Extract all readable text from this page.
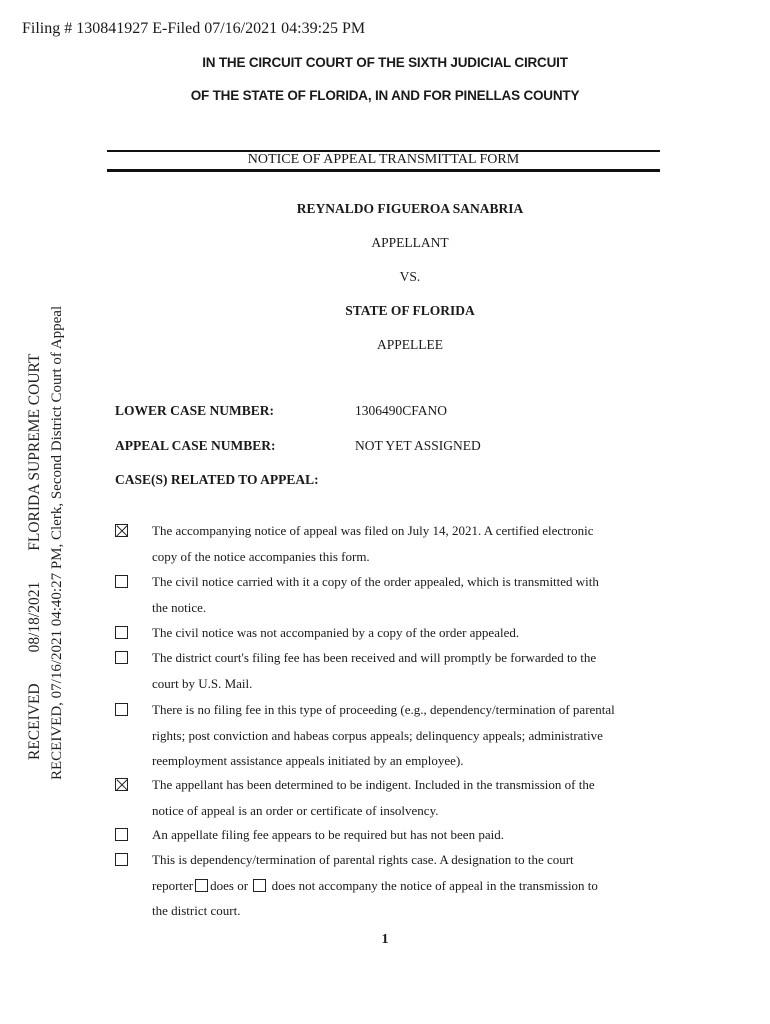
Filing # 130841927 E-Filed 07/16/2021 04:39:25 PM
IN THE CIRCUIT COURT OF THE SIXTH JUDICIAL CIRCUIT
OF THE STATE OF FLORIDA, IN AND FOR PINELLAS COUNTY
NOTICE OF APPEAL TRANSMITTAL FORM
REYNALDO FIGUEROA SANABRIA
APPELLANT
VS.
STATE OF FLORIDA
APPELLEE
LOWER CASE NUMBER:	1306490CFANO
APPEAL CASE NUMBER:	NOT YET ASSIGNED
CASE(S) RELATED TO APPEAL:
The accompanying notice of appeal was filed on July 14, 2021. A certified electronic
copy of the notice accompanies this form.
The civil notice carried with it a copy of the order appealed, which is transmitted with
the notice.
The civil notice was not accompanied by a copy of the order appealed.
The district court's filing fee has been received and will promptly be forwarded to the
court by U.S. Mail.
There is no filing fee in this type of proceeding (e.g., dependency/termination of parental
rights; post conviction and habeas corpus appeals; delinquency appeals; administrative
reemployment assistance appeals initiated by an employee).
The appellant has been determined to be indigent. Included in the transmission of the
notice of appeal is an order or certificate of insolvency.
An appellate filing fee appears to be required but has not been paid.
This is dependency/termination of parental rights case. A designation to the court
reporter does or does not accompany the notice of appeal in the transmission to
the district court.
1
RECEIVED        08/18/2021        FLORIDA SUPREME COURT RECEIVED, 07/16/2021 04:40:27 PM, Clerk, Second District Court of Appeal
